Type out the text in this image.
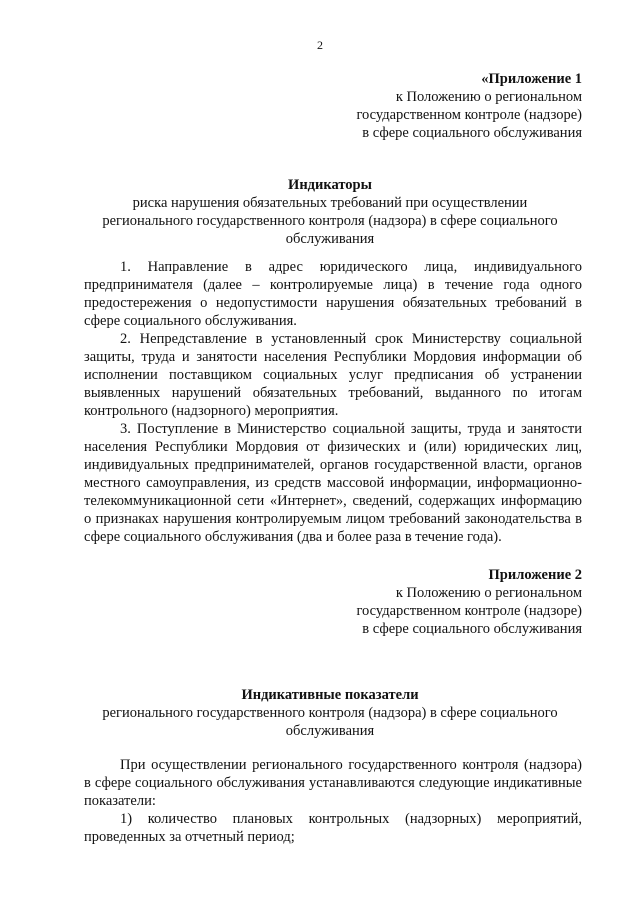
2
«Приложение 1
к Положению о региональном
государственном контроле (надзоре)
в сфере социального обслуживания
Индикаторы
риска нарушения обязательных требований при осуществлении
регионального государственного контроля (надзора) в сфере социального
обслуживания

1. Направление в адрес юридического лица, индивидуального предпринимателя (далее – контролируемые лица) в течение года одного предостережения о недопустимости нарушения обязательных требований в сфере социального обслуживания.

2. Непредставление в установленный срок Министерству социальной защиты, труда и занятости населения Республики Мордовия информации об исполнении поставщиком социальных услуг предписания об устранении выявленных нарушений обязательных требований, выданного по итогам контрольного (надзорного) мероприятия.

3. Поступление в Министерство социальной защиты, труда и занятости населения Республики Мордовия от физических и (или) юридических лиц, индивидуальных предпринимателей, органов государственной власти, органов местного самоуправления, из средств массовой информации, информационно-телекоммуникационной сети «Интернет», сведений, содержащих информацию о признаках нарушения контролируемым лицом требований законодательства в сфере социального обслуживания (два и более раза в течение года).

Приложение 2
к Положению о региональном
государственном контроле (надзоре)
в сфере социального обслуживания
Индикативные показатели
регионального государственного контроля (надзора) в сфере социального
обслуживания

При осуществлении регионального государственного контроля (надзора) в сфере социального обслуживания устанавливаются следующие индикативные показатели:

1) количество плановых контрольных (надзорных) мероприятий, проведенных за отчетный период;
